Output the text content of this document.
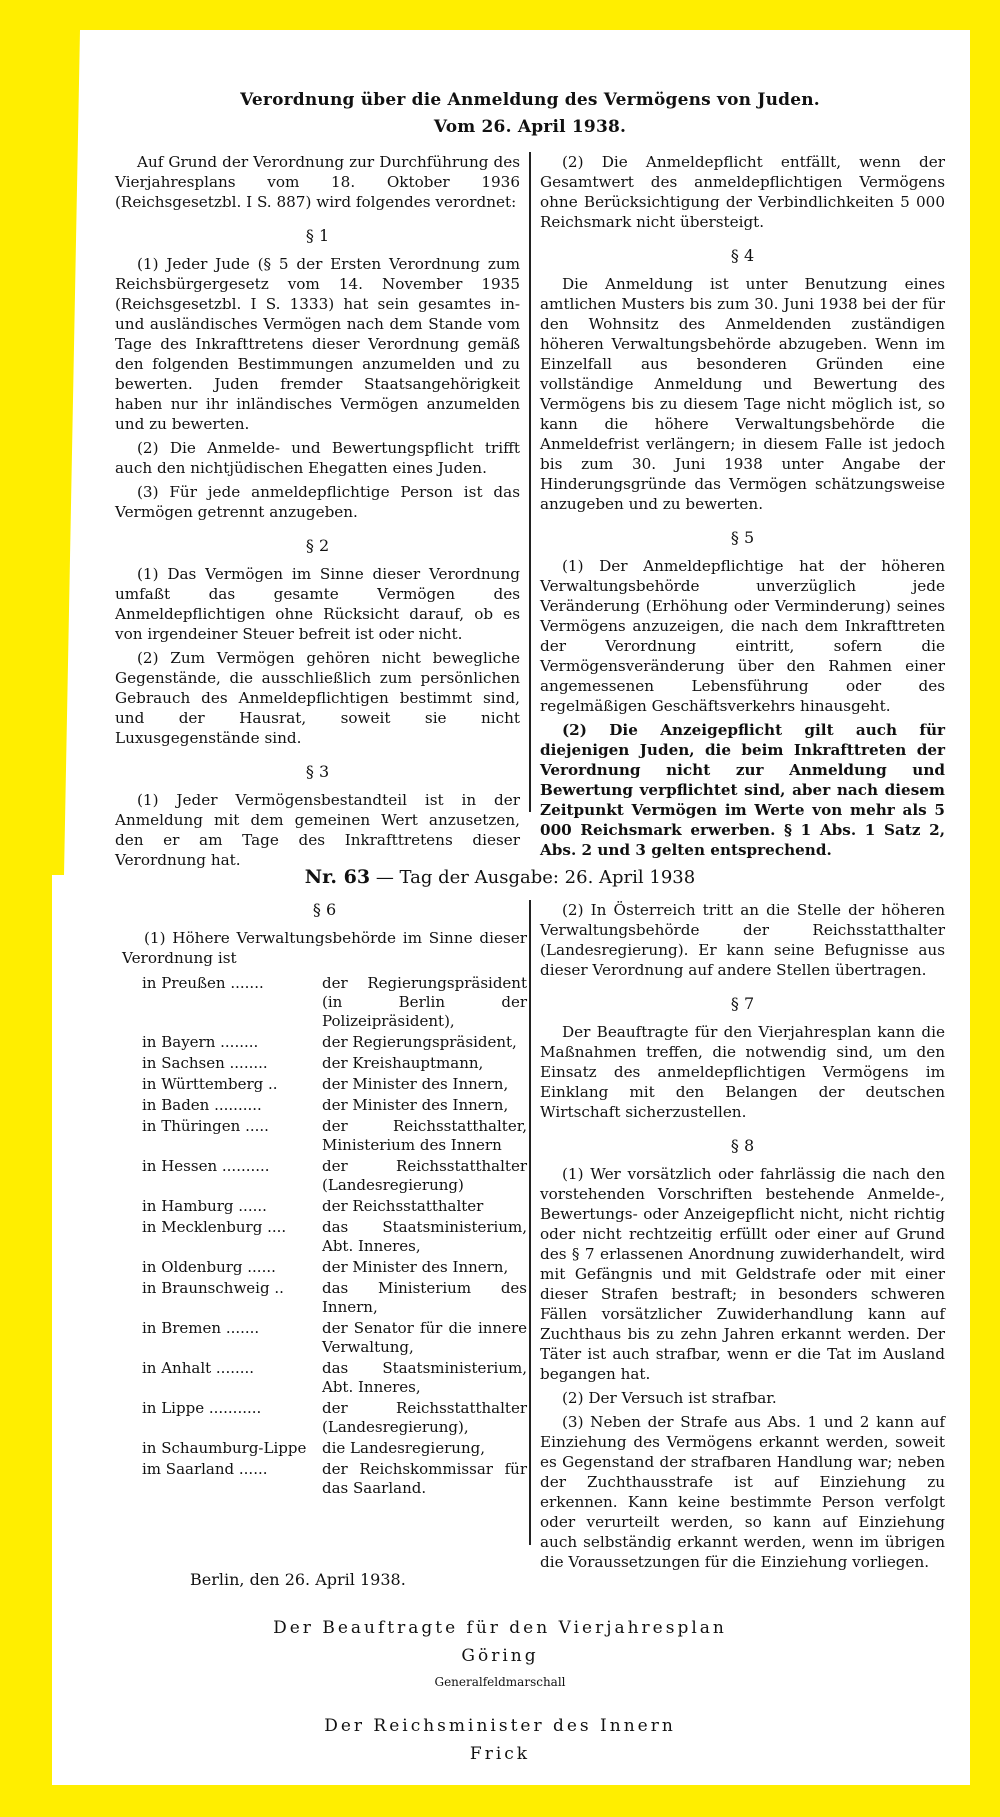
Verordnung über die Anmeldung des Vermögens von Juden.
Vom 26. April 1938.

Auf Grund der Verordnung zur Durchführung des Vierjahresplans vom 18. Oktober 1936 (Reichsgesetzbl. I S. 887) wird folgendes verordnet:

§ 1

(1) Jeder Jude (§ 5 der Ersten Verordnung zum Reichsbürgergesetz vom 14. November 1935 (Reichsgesetzbl. I S. 1333) hat sein gesamtes in- und ausländisches Vermögen nach dem Stande vom Tage des Inkrafttretens dieser Verordnung gemäß den folgenden Bestimmungen anzumelden und zu bewerten. Juden fremder Staatsangehörigkeit haben nur ihr inländisches Vermögen anzumelden und zu bewerten.

(2) Die Anmelde- und Bewertungspflicht trifft auch den nichtjüdischen Ehegatten eines Juden.

(3) Für jede anmeldepflichtige Person ist das Vermögen getrennt anzugeben.

§ 2

(1) Das Vermögen im Sinne dieser Verordnung umfaßt das gesamte Vermögen des Anmeldepflichtigen ohne Rücksicht darauf, ob es von irgendeiner Steuer befreit ist oder nicht.

(2) Zum Vermögen gehören nicht bewegliche Gegenstände, die ausschließlich zum persönlichen Gebrauch des Anmeldepflichtigen bestimmt sind, und der Hausrat, soweit sie nicht Luxusgegenstände sind.

§ 3

(1) Jeder Vermögensbestandteil ist in der Anmeldung mit dem gemeinen Wert anzusetzen, den er am Tage des Inkrafttretens dieser Verordnung hat.

(2) Die Anmeldepflicht entfällt, wenn der Gesamtwert des anmeldepflichtigen Vermögens ohne Berücksichtigung der Verbindlichkeiten 5 000 Reichsmark nicht übersteigt.

§ 4

Die Anmeldung ist unter Benutzung eines amtlichen Musters bis zum 30. Juni 1938 bei der für den Wohnsitz des Anmeldenden zuständigen höheren Verwaltungsbehörde abzugeben. Wenn im Einzelfall aus besonderen Gründen eine vollständige Anmeldung und Bewertung des Vermögens bis zu diesem Tage nicht möglich ist, so kann die höhere Verwaltungsbehörde die Anmeldefrist verlängern; in diesem Falle ist jedoch bis zum 30. Juni 1938 unter Angabe der Hinderungsgründe das Vermögen schätzungsweise anzugeben und zu bewerten.

§ 5

(1) Der Anmeldepflichtige hat der höheren Verwaltungsbehörde unverzüglich jede Veränderung (Erhöhung oder Verminderung) seines Vermögens anzuzeigen, die nach dem Inkrafttreten der Verordnung eintritt, sofern die Vermögensveränderung über den Rahmen einer angemessenen Lebensführung oder des regelmäßigen Geschäftsverkehrs hinausgeht.

(2) Die Anzeigepflicht gilt auch für diejenigen Juden, die beim Inkrafttreten der Verordnung nicht zur Anmeldung und Bewertung verpflichtet sind, aber nach diesem Zeitpunkt Vermögen im Werte von mehr als 5 000 Reichsmark erwerben. § 1 Abs. 1 Satz 2, Abs. 2 und 3 gelten entsprechend.

Nr. 63 — Tag der Ausgabe: 26. April 1938
§ 6

(1) Höhere Verwaltungsbehörde im Sinne dieser Verordnung ist

in Preußen .......	der Regierungspräsident (in Berlin der Polizeipräsident),
in Bayern ........	der Regierungspräsident,
in Sachsen ........	der Kreishauptmann,
in Württemberg ..	der Minister des Innern,
in Baden ..........	der Minister des Innern,
in Thüringen .....	der Reichsstatthalter, Ministerium des Innern
in Hessen ..........	der Reichsstatthalter (Landesregierung)
in Hamburg ......	der Reichsstatthalter
in Mecklenburg ....	das Staatsministerium, Abt. Inneres,
in Oldenburg ......	der Minister des Innern,
in Braunschweig ..	das Ministerium des Innern,
in Bremen .......	der Senator für die innere Verwaltung,
in Anhalt ........	das Staatsministerium, Abt. Inneres,
in Lippe ...........	der Reichsstatthalter (Landesregierung),
in Schaumburg-Lippe	die Landesregierung,
im Saarland ......	der Reichskommissar für das Saarland.

(2) In Österreich tritt an die Stelle der höheren Verwaltungsbehörde der Reichsstatthalter (Landesregierung). Er kann seine Befugnisse aus dieser Verordnung auf andere Stellen übertragen.

§ 7

Der Beauftragte für den Vierjahresplan kann die Maßnahmen treffen, die notwendig sind, um den Einsatz des anmeldepflichtigen Vermögens im Einklang mit den Belangen der deutschen Wirtschaft sicherzustellen.

§ 8

(1) Wer vorsätzlich oder fahrlässig die nach den vorstehenden Vorschriften bestehende Anmelde-, Bewertungs- oder Anzeigepflicht nicht, nicht richtig oder nicht rechtzeitig erfüllt oder einer auf Grund des § 7 erlassenen Anordnung zuwiderhandelt, wird mit Gefängnis und mit Geldstrafe oder mit einer dieser Strafen bestraft; in besonders schweren Fällen vorsätzlicher Zuwiderhandlung kann auf Zuchthaus bis zu zehn Jahren erkannt werden. Der Täter ist auch strafbar, wenn er die Tat im Ausland begangen hat.

(2) Der Versuch ist strafbar.

(3) Neben der Strafe aus Abs. 1 und 2 kann auf Einziehung des Vermögens erkannt werden, soweit es Gegenstand der strafbaren Handlung war; neben der Zuchthausstrafe ist auf Einziehung zu erkennen. Kann keine bestimmte Person verfolgt oder verurteilt werden, so kann auf Einziehung auch selbständig erkannt werden, wenn im übrigen die Voraussetzungen für die Einziehung vorliegen.

Berlin, den 26. April 1938.
Der Beauftragte für den Vierjahresplan
Göring
Generalfeldmarschall
Der Reichsminister des Innern
Frick
